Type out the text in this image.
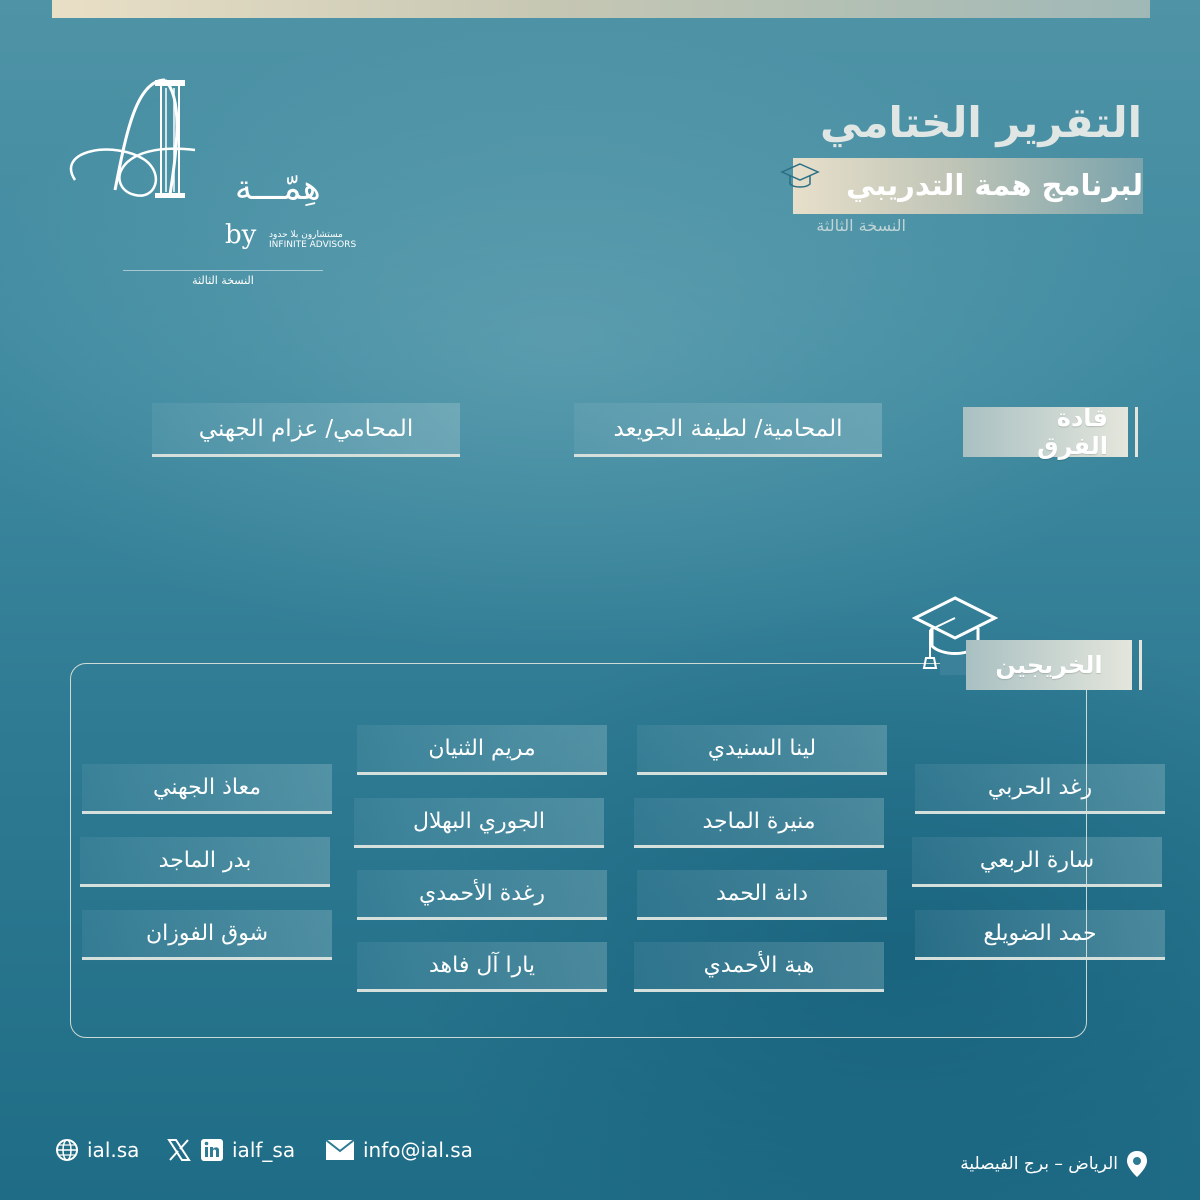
هِمّـــة
by مستشارون بلا حدود
INFINITE ADVISORS
النسخة الثالثة
التقرير الختامي
لبرنامج همة التدريبي
النسخة الثالثة
قادة الفرق
المحامية/ لطيفة الجويعد
المحامي/ عزام الجهني
الخريجين
رغد الحربي
سارة الربعي
حمد الضويلع
لينا السنيدي
منيرة الماجد
دانة الحمد
هبة الأحمدي
مريم الثنيان
الجوري البهلال
رغدة الأحمدي
يارا آل فاهد
معاذ الجهني
بدر الماجد
شوق الفوزان
ial.sa	ialf_sa	info@ial.sa
الرياض – برج الفيصلية
